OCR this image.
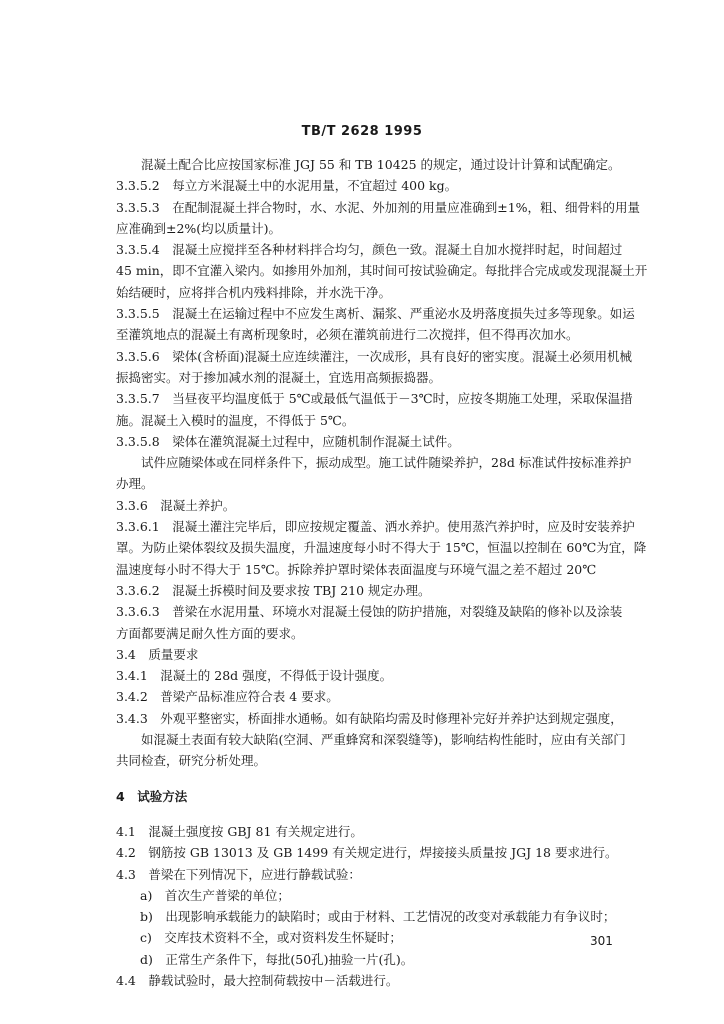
TB/T 2628 1995

混凝土配合比应按国家标准 JGJ 55 和 TB 10425 的规定，通过设计计算和试配确定。

3.3.5.2　每立方米混凝土中的水泥用量，不宜超过 400 kg。

3.3.5.3　在配制混凝土拌合物时，水、水泥、外加剂的用量应准确到±1%，粗、细骨料的用量

应准确到±2%(均以质量计)。

3.3.5.4　混凝土应搅拌至各种材料拌合均匀，颜色一致。混凝土自加水搅拌时起，时间超过

45 min，即不宜灌入梁内。如掺用外加剂，其时间可按试验确定。每批拌合完成或发现混凝土开

始结硬时，应将拌合机内残料排除，并水洗干净。

3.3.5.5　混凝土在运输过程中不应发生离析、漏浆、严重泌水及坍落度损失过多等现象。如运

至灌筑地点的混凝土有离析现象时，必须在灌筑前进行二次搅拌，但不得再次加水。

3.3.5.6　梁体(含桥面)混凝土应连续灌注，一次成形，具有良好的密实度。混凝土必须用机械

振捣密实。对于掺加减水剂的混凝土，宜选用高频振捣器。

3.3.5.7　当昼夜平均温度低于 5℃或最低气温低于－3℃时，应按冬期施工处理，采取保温措

施。混凝土入模时的温度，不得低于 5℃。

3.3.5.8　梁体在灌筑混凝土过程中，应随机制作混凝土试件。

试件应随梁体或在同样条件下，振动成型。施工试件随梁养护，28d 标准试件按标准养护

办理。

3.3.6　混凝土养护。

3.3.6.1　混凝土灌注完毕后，即应按规定覆盖、洒水养护。使用蒸汽养护时，应及时安装养护

罩。为防止梁体裂纹及损失温度，升温速度每小时不得大于 15℃，恒温以控制在 60℃为宜，降

温速度每小时不得大于 15℃。拆除养护罩时梁体表面温度与环境气温之差不超过 20℃

3.3.6.2　混凝土拆模时间及要求按 TBJ 210 规定办理。

3.3.6.3　普梁在水泥用量、环境水对混凝土侵蚀的防护措施，对裂缝及缺陷的修补以及涂装

方面都要满足耐久性方面的要求。

3.4　质量要求

3.4.1　混凝土的 28d 强度，不得低于设计强度。

3.4.2　普梁产品标准应符合表 4 要求。

3.4.3　外观平整密实，桥面排水通畅。如有缺陷均需及时修理补完好并养护达到规定强度，

如混凝土表面有较大缺陷(空洞、严重蜂窝和深裂缝等)，影响结构性能时，应由有关部门

共同检查，研究分析处理。

4　试验方法

4.1　混凝土强度按 GBJ 81 有关规定进行。

4.2　钢筋按 GB 13013 及 GB 1499 有关规定进行，焊接接头质量按 JGJ 18 要求进行。

4.3　普梁在下列情况下，应进行静载试验：

a)　首次生产普梁的单位；

b)　出现影响承载能力的缺陷时；或由于材料、工艺情况的改变对承载能力有争议时；

c)　交库技术资料不全，或对资料发生怀疑时；

d)　正常生产条件下，每批(50孔)抽验一片(孔)。

4.4　静载试验时，最大控制荷载按中－活载进行。

301
